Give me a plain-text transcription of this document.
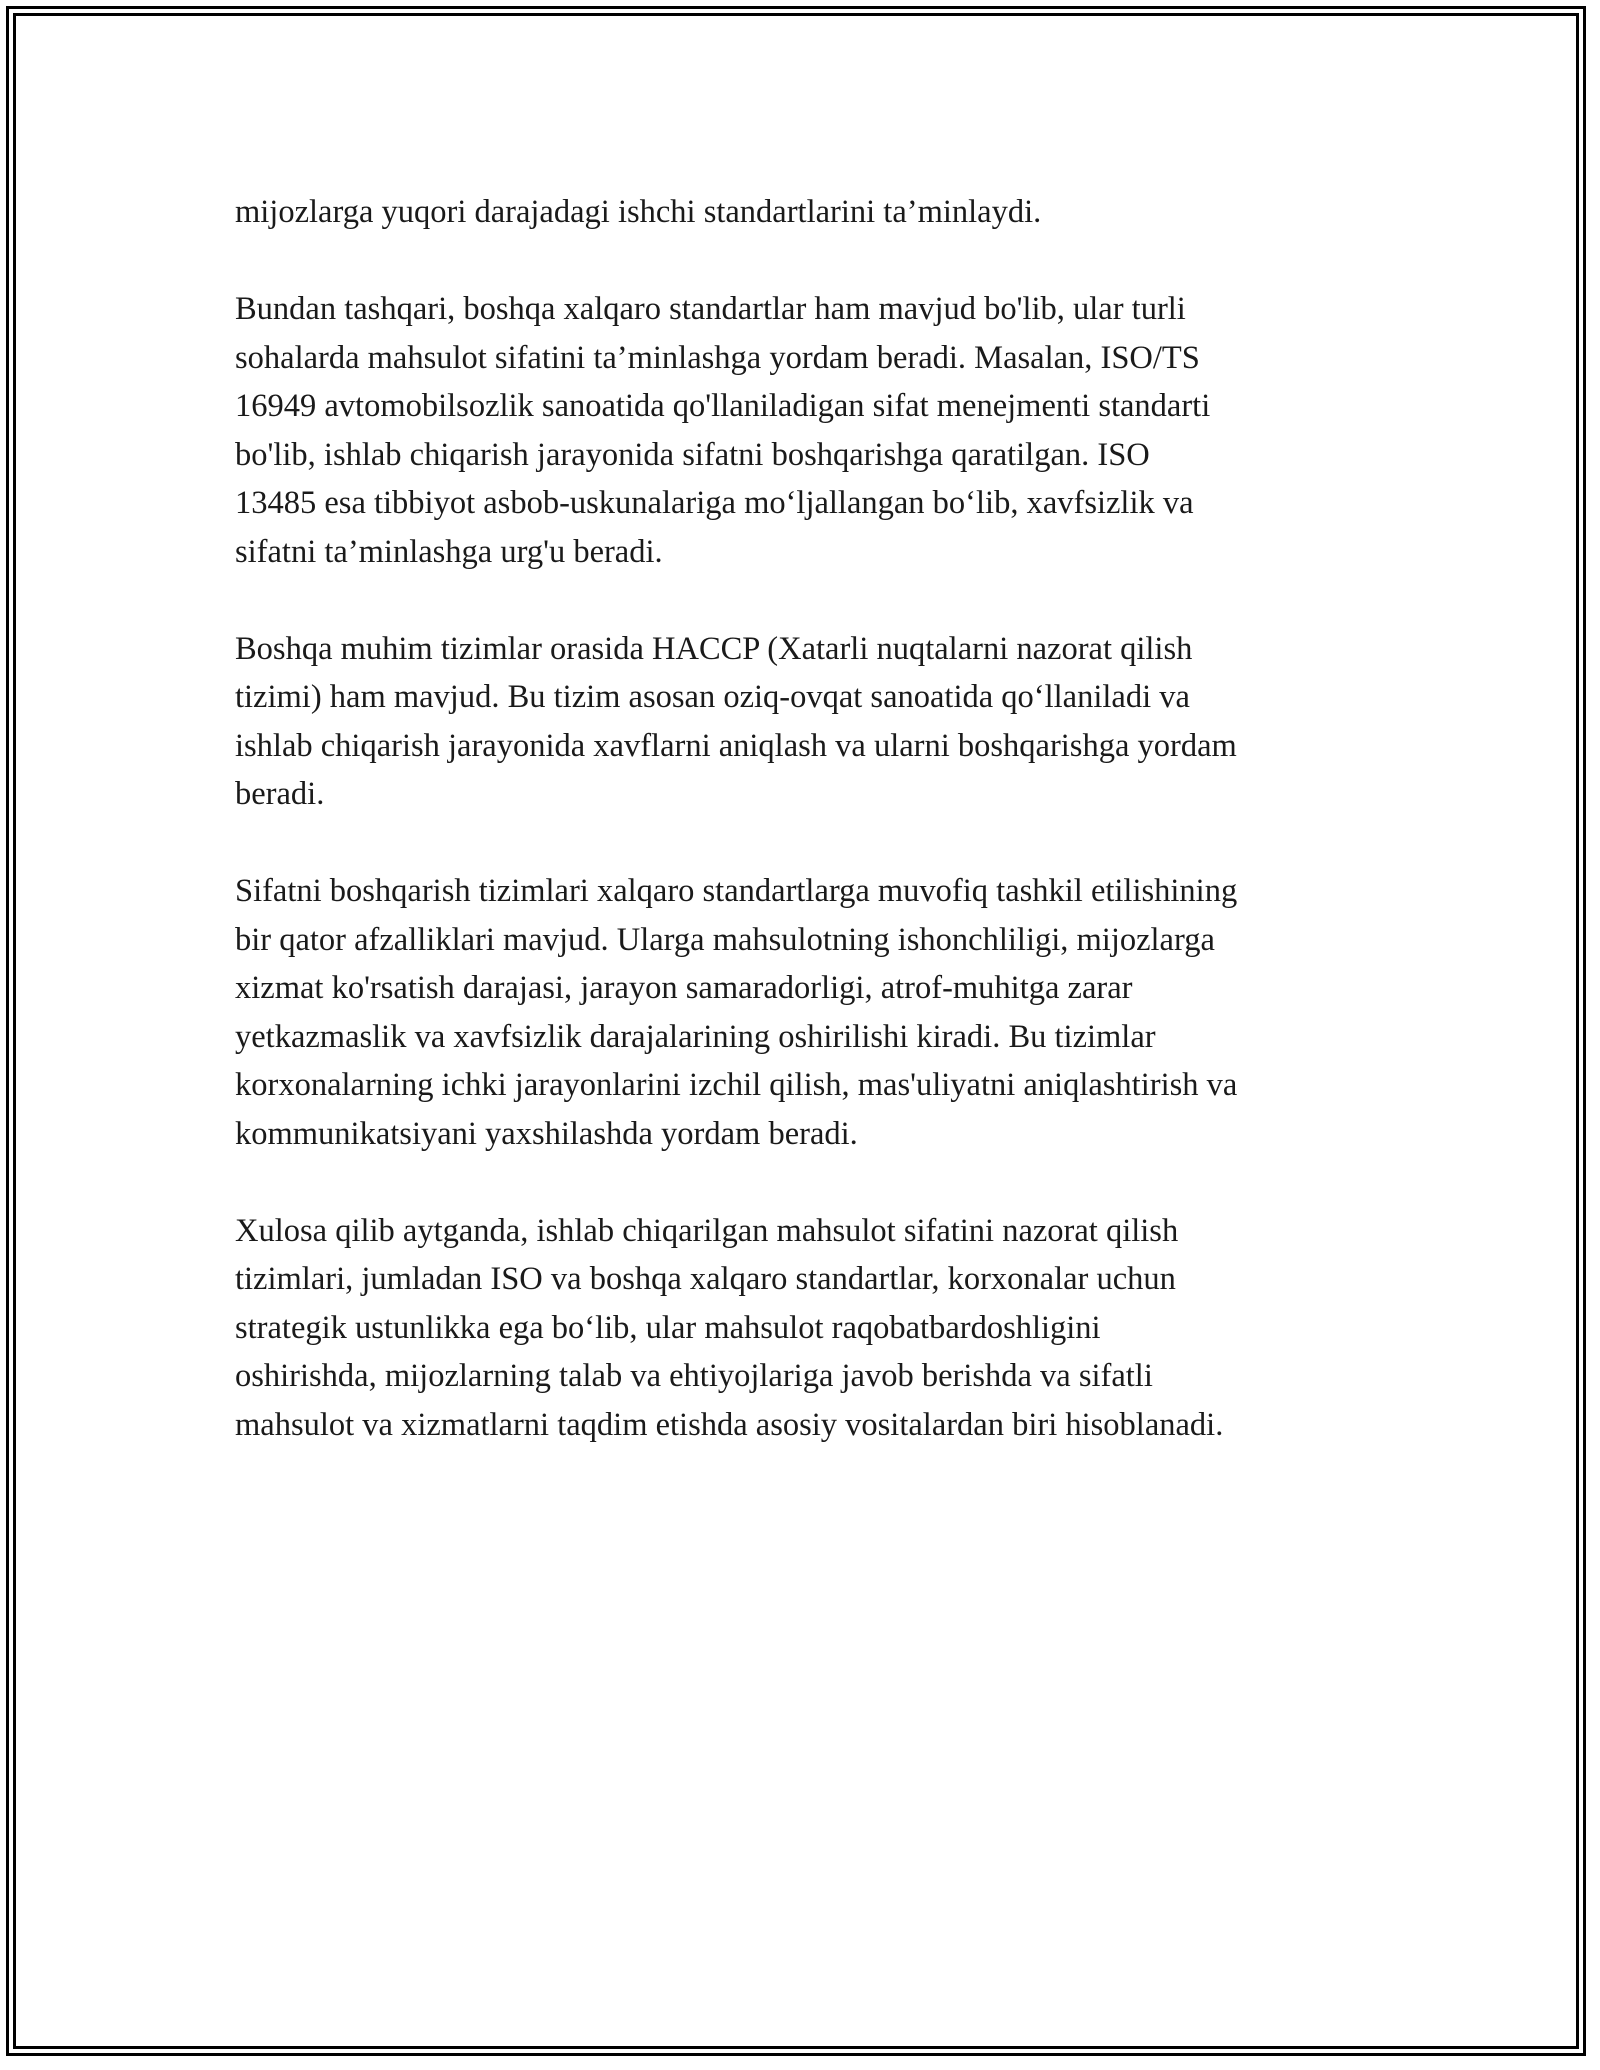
mijozlarga yuqori darajadagi ishchi standartlarini ta’minlaydi.

Bundan tashqari, boshqa xalqaro standartlar ham mavjud bo'lib, ular turli
sohalarda mahsulot sifatini ta’minlashga yordam beradi. Masalan, ISO/TS
16949 avtomobilsozlik sanoatida qo'llaniladigan sifat menejmenti standarti
bo'lib, ishlab chiqarish jarayonida sifatni boshqarishga qaratilgan. ISO
13485 esa tibbiyot asbob-uskunalariga mo‘ljallangan bo‘lib, xavfsizlik va
sifatni ta’minlashga urg'u beradi.

Boshqa muhim tizimlar orasida HACCP (Xatarli nuqtalarni nazorat qilish
tizimi) ham mavjud. Bu tizim asosan oziq-ovqat sanoatida qo‘llaniladi va
ishlab chiqarish jarayonida xavflarni aniqlash va ularni boshqarishga yordam
beradi.

Sifatni boshqarish tizimlari xalqaro standartlarga muvofiq tashkil etilishining
bir qator afzalliklari mavjud. Ularga mahsulotning ishonchliligi, mijozlarga
xizmat ko'rsatish darajasi, jarayon samaradorligi, atrof-muhitga zarar
yetkazmaslik va xavfsizlik darajalarining oshirilishi kiradi. Bu tizimlar
korxonalarning ichki jarayonlarini izchil qilish, mas'uliyatni aniqlashtirish va
kommunikatsiyani yaxshilashda yordam beradi.

Xulosa qilib aytganda, ishlab chiqarilgan mahsulot sifatini nazorat qilish
tizimlari, jumladan ISO va boshqa xalqaro standartlar, korxonalar uchun
strategik ustunlikka ega bo‘lib, ular mahsulot raqobatbardoshligini
oshirishda, mijozlarning talab va ehtiyojlariga javob berishda va sifatli
mahsulot va xizmatlarni taqdim etishda asosiy vositalardan biri hisoblanadi.
